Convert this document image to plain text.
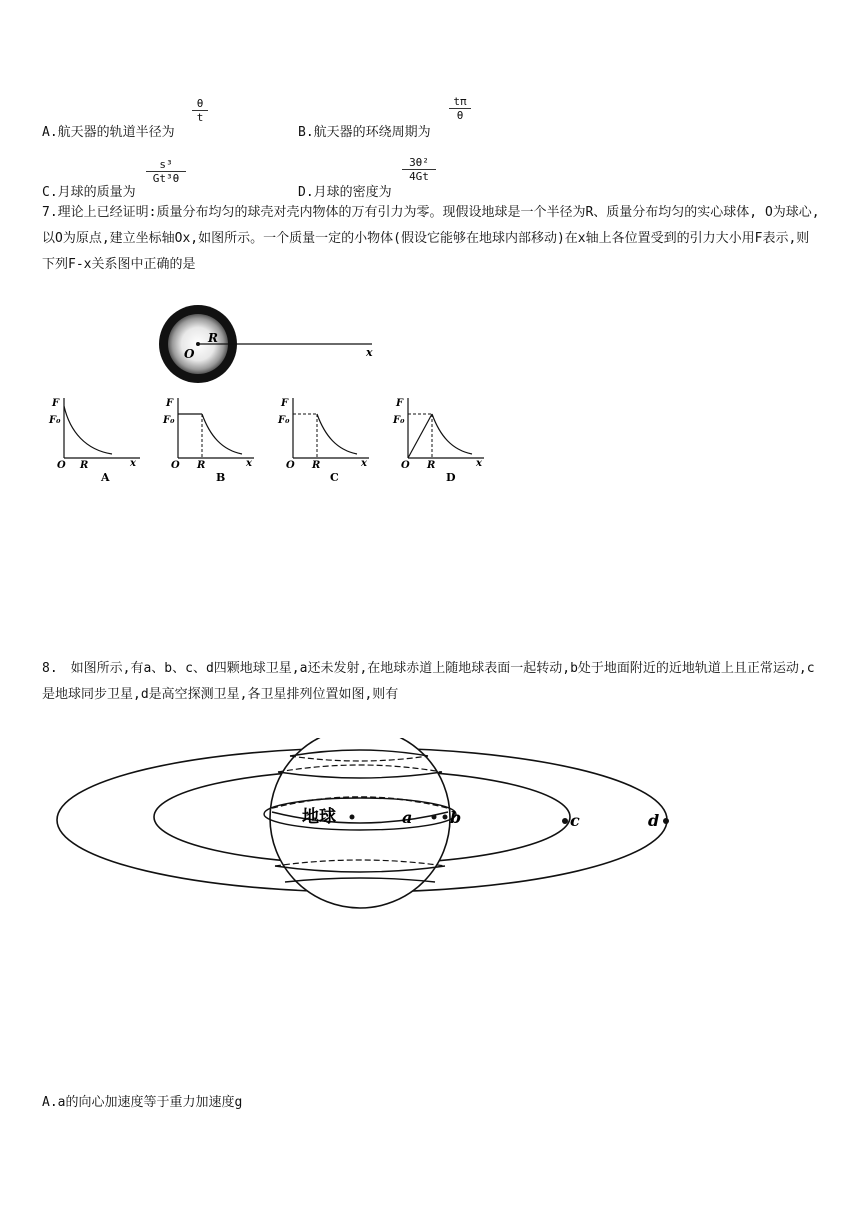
A.航天器的轨道半径为
θ
t
B.航天器的环绕周期为
tπ
θ
C.月球的质量为
s³
Gt³θ
D.月球的密度为
3θ²
4Gt
7.理论上已经证明:质量分布均匀的球壳对壳内物体的万有引力为零。现假设地球是一个半径为R、质量分布均匀的实心球体, O为球心,以O为原点,建立坐标轴Ox,如图所示。一个质量一定的小物体(假设它能够在地球内部移动)在x轴上各位置受到的引力大小用F表示,则下列F-x关系图中正确的是
O
R
x
F
F₀
O R	x
A
F
F₀
O R	x
B
F
F₀
O R	x
C
F
F₀
O R	x
D
8.　如图所示,有a、b、c、d四颗地球卫星,a还未发射,在地球赤道上随地球表面一起转动,b处于地面附近的近地轨道上且正常运动,c是地球同步卫星,d是高空探测卫星,各卫星排列位置如图,则有
地球	a b	c	d
A.a的向心加速度等于重力加速度g
